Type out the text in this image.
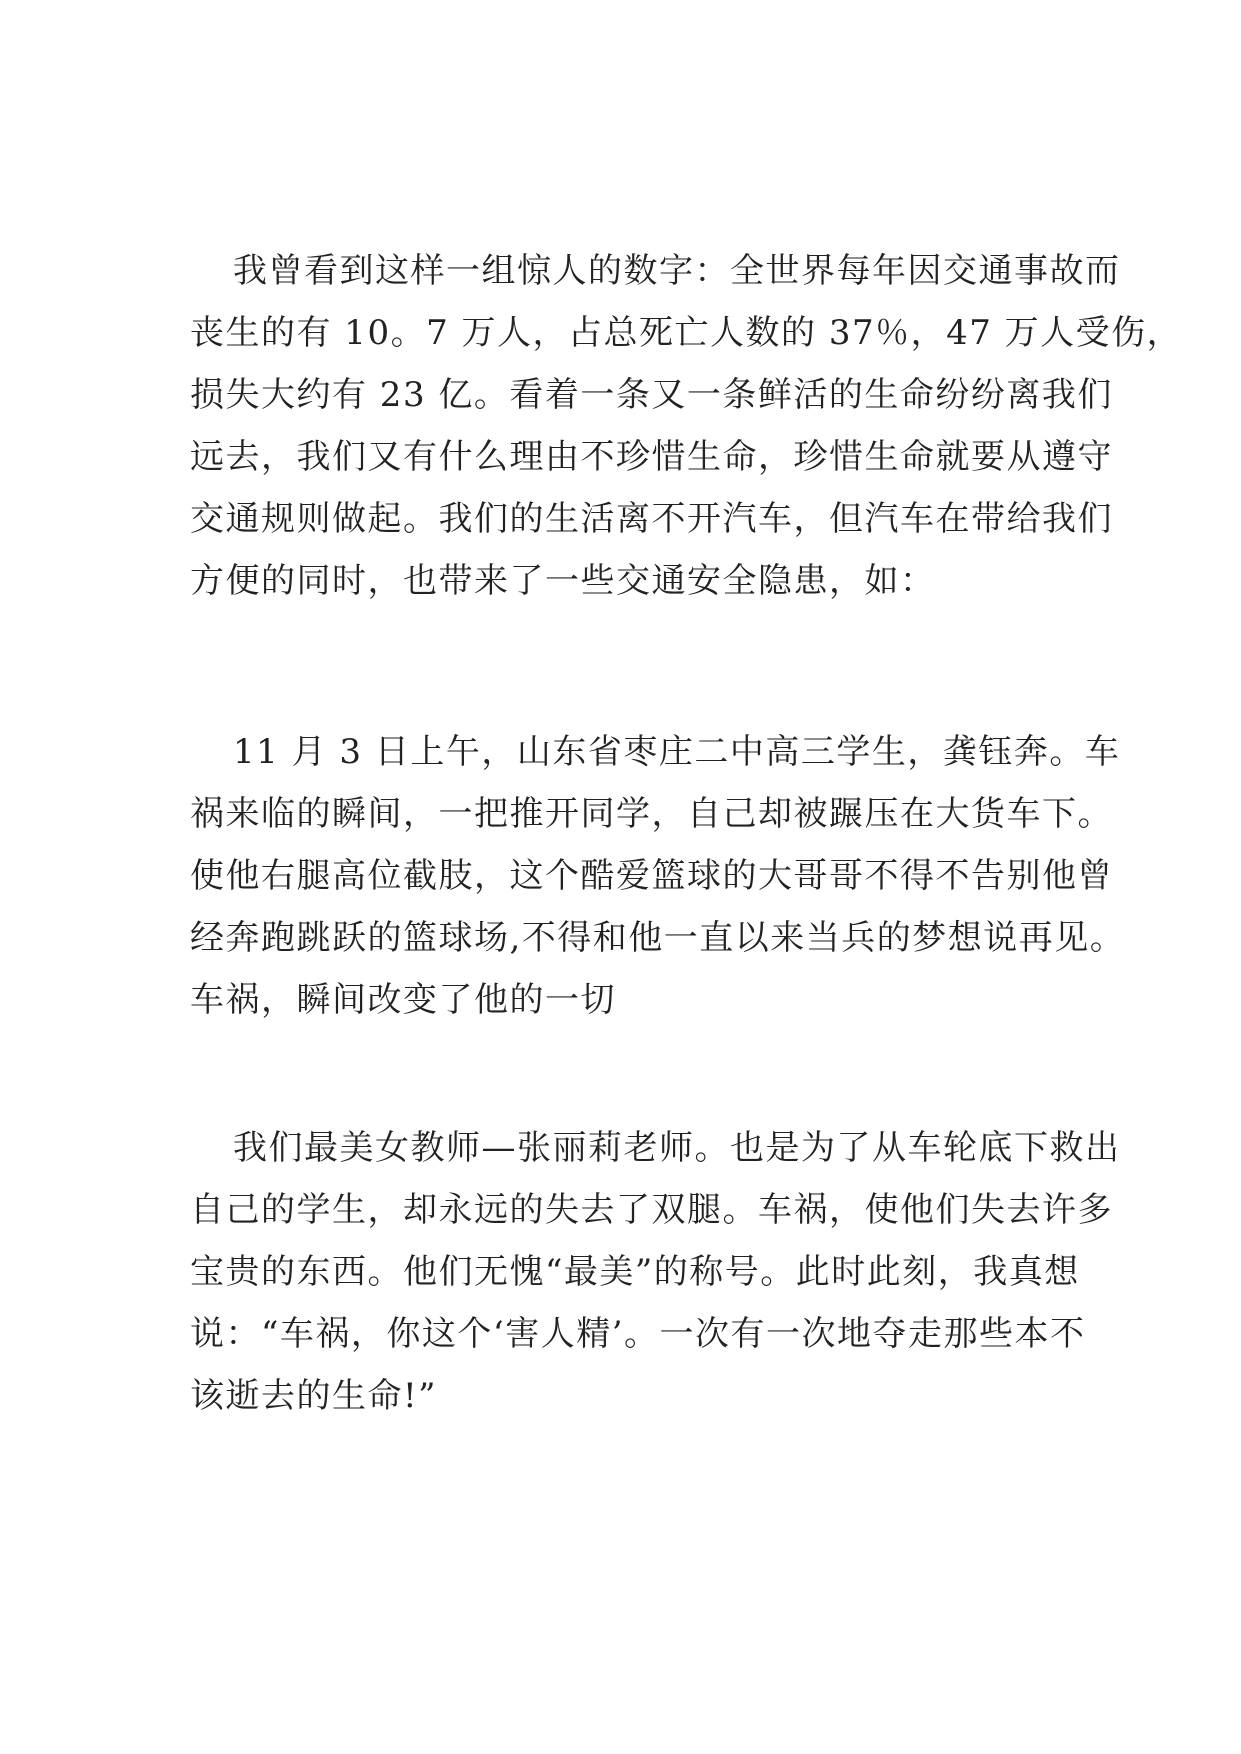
我曾看到这样一组惊人的数字：全世界每年因交通事故而
丧生的有 10。7 万人，占总死亡人数的 37％，47 万人受伤，
损失大约有 23 亿。看着一条又一条鲜活的生命纷纷离我们
远去，我们又有什么理由不珍惜生命，珍惜生命就要从遵守
交通规则做起。我们的生活离不开汽车，但汽车在带给我们
方便的同时，也带来了一些交通安全隐患，如：

11 月 3 日上午，山东省枣庄二中高三学生，龚钰奔。车
祸来临的瞬间，一把推开同学，自己却被蹍压在大货车下。
使他右腿高位截肢，这个酷爱篮球的大哥哥不得不告别他曾
经奔跑跳跃的篮球场,不得和他一直以来当兵的梦想说再见。
车祸，瞬间改变了他的一切

我们最美女教师—张丽莉老师。也是为了从车轮底下救出
自己的学生，却永远的失去了双腿。车祸，使他们失去许多
宝贵的东西。他们无愧“最美”的称号。此时此刻，我真想
说：“车祸，你这个‘害人精’。一次有一次地夺走那些本不
该逝去的生命!”
